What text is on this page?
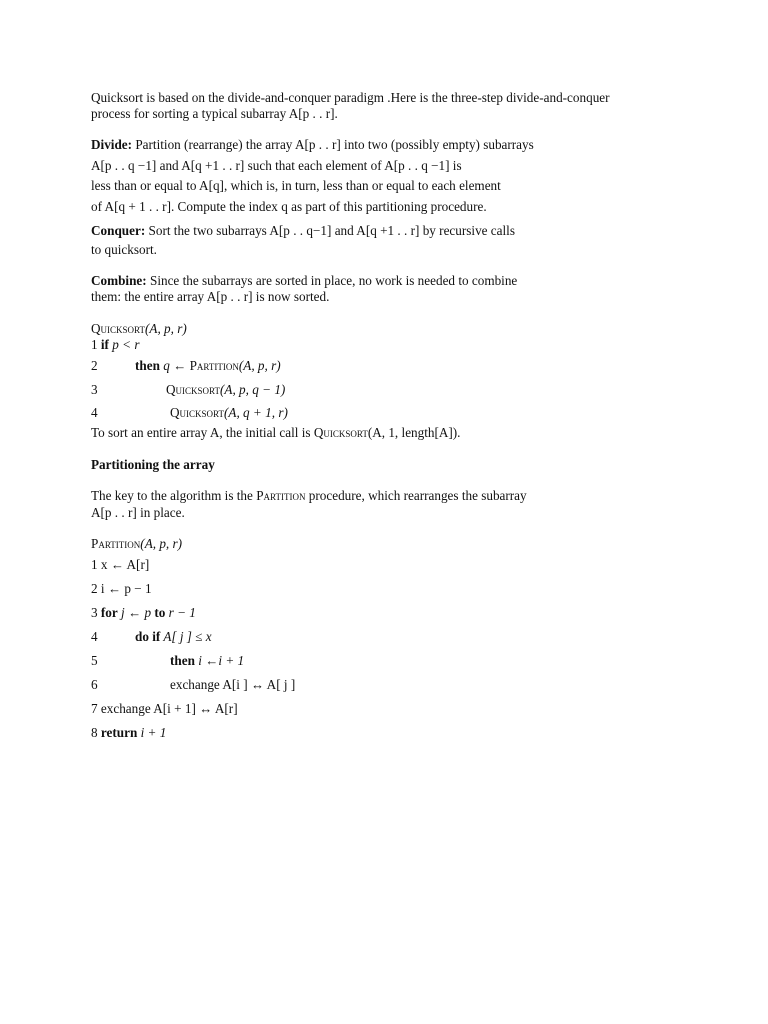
Quicksort is based on the divide-and-conquer paradigm .Here is the three-step divide-and-conquer
process for sorting a typical subarray A[p . . r].
Divide: Partition (rearrange) the array A[p . . r] into two (possibly empty) subarrays
A[p . . q −1] and A[q +1 . . r] such that each element of A[p . . q −1] is
less than or equal to A[q], which is, in turn, less than or equal to each element
of A[q + 1 . . r]. Compute the index q as part of this partitioning procedure.
Conquer: Sort the two subarrays A[p . . q−1] and A[q +1 . . r] by recursive calls
to quicksort.
Combine: Since the subarrays are sorted in place, no work is needed to combine
them: the entire array A[p . . r] is now sorted.
Quicksort(A, p, r)
1 if p < r
2	then q ← Partition(A, p, r)
3	Quicksort(A, p, q − 1)
4	Quicksort(A, q + 1, r)
To sort an entire array A, the initial call is Quicksort(A, 1, length[A]).
Partitioning the array
The key to the algorithm is the Partition procedure, which rearranges the subarray
A[p . . r] in place.
Partition(A, p, r)
1 x ← A[r]
2 i ← p − 1
3 for j ← p to r − 1
4	do if A[ j ] ≤ x
5	then i ←i + 1
6	exchange A[i ] ↔ A[ j ]
7 exchange A[i + 1] ↔ A[r]
8 return i + 1
